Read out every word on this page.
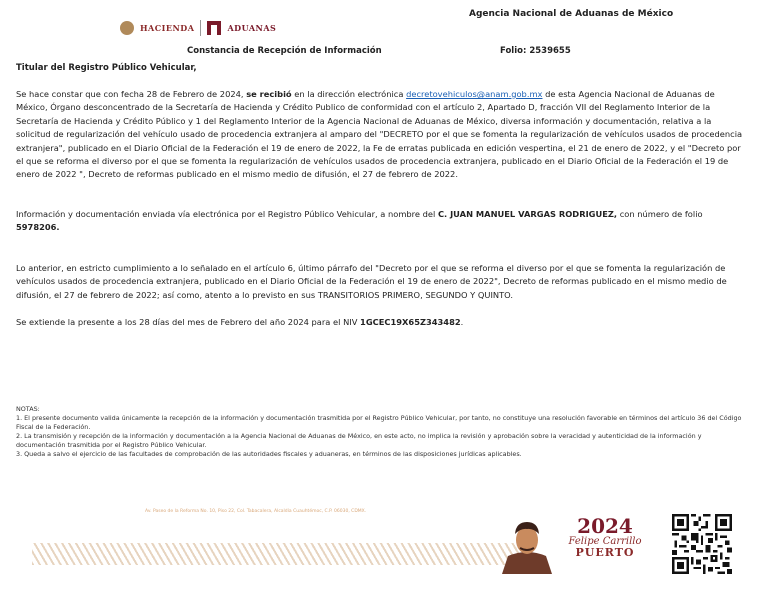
Agencia Nacional de Aduanas de México
HACIENDA	ADUANAS
Constancia de Recepción de Información	Folio: 2539655
Titular del Registro Público Vehicular,
Se hace constar que con fecha 28 de Febrero de 2024, se recibió en la dirección electrónica decretovehiculos@anam.gob.mx de esta Agencia Nacional de Aduanas de México, Órgano desconcentrado de la Secretaría de Hacienda y Crédito Publico de conformidad con el artículo 2, Apartado D, fracción VII del Reglamento Interior de la Secretaría de Hacienda y Crédito Público y 1 del Reglamento Interior de la Agencia Nacional de Aduanas de México, diversa información y documentación, relativa a la solicitud de regularización del vehículo usado de procedencia extranjera al amparo del "DECRETO por el que se fomenta la regularización de vehículos usados de procedencia extranjera", publicado en el Diario Oficial de la Federación el 19 de enero de 2022, la Fe de erratas publicada en edición vespertina, el 21 de enero de 2022, y el "Decreto por el que se reforma el diverso por el que se fomenta la regularización de vehículos usados de procedencia extranjera, publicado en el Diario Oficial de la Federación el 19 de enero de 2022 ", Decreto de reformas publicado en el mismo medio de difusión, el 27 de febrero de 2022.
Información y documentación enviada vía electrónica por el Registro Público Vehicular, a nombre del C. JUAN MANUEL VARGAS RODRIGUEZ, con número de folio 5978206.
Lo anterior, en estricto cumplimiento a lo señalado en el artículo 6, último párrafo del "Decreto por el que se reforma el diverso por el que se fomenta la regularización de vehículos usados de procedencia extranjera, publicado en el Diario Oficial de la Federación el 19 de enero de 2022", Decreto de reformas publicado en el mismo medio de difusión, el 27 de febrero de 2022; así como, atento a lo previsto en sus TRANSITORIOS PRIMERO, SEGUNDO Y QUINTO.
Se extiende la presente a los 28 días del mes de Febrero del año 2024 para el NIV 1GCEC19X65Z343482.
NOTAS:
1. El presente documento valida únicamente la recepción de la información y documentación trasmitida por el Registro Público Vehicular, por tanto, no constituye una resolución favorable en términos del artículo 36 del Código Fiscal de la Federación.
2. La transmisión y recepción de la información y documentación a la Agencia Nacional de Aduanas de México, en este acto, no implica la revisión y aprobación sobre la veracidad y autenticidad de la información y documentación trasmitida por el Registro Público Vehicular.
3. Queda a salvo el ejercicio de las facultades de comprobación de las autoridades fiscales y aduaneras, en términos de las disposiciones jurídicas aplicables.
Av. Paseo de la Reforma No. 10, Piso 22, Col. Tabacalera, Alcaldía Cuauhtémoc, C.P. 06030, CDMX.
2024
Felipe Carrillo
PUERTO
